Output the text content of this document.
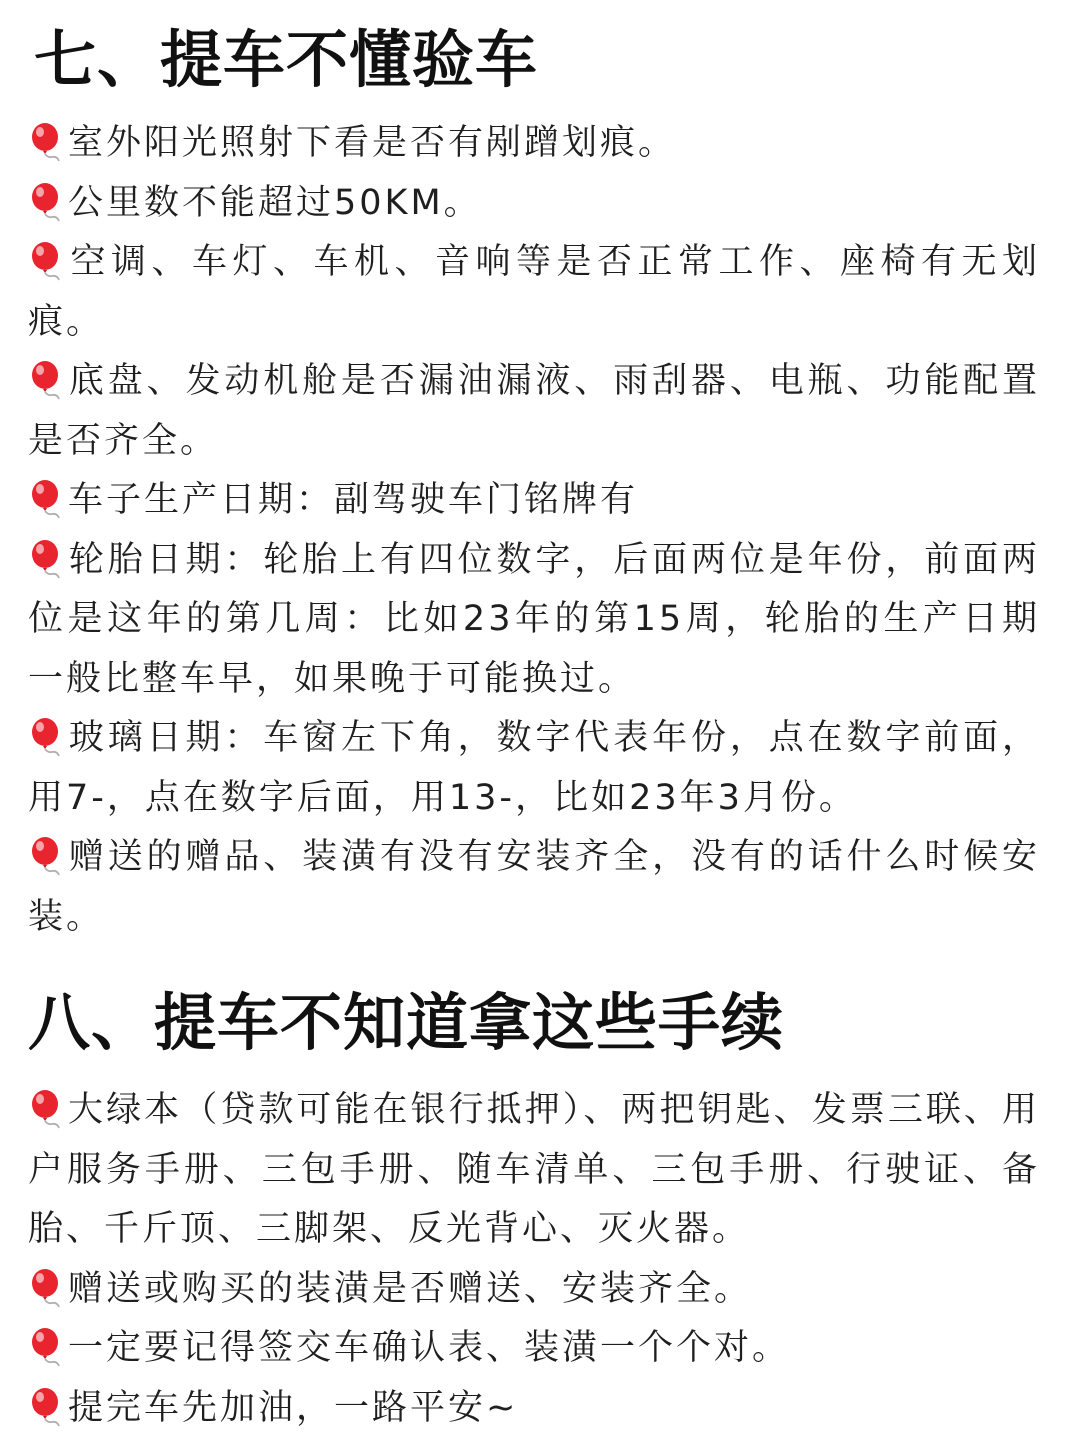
七、提车不懂验车
室外阳光照射下看是否有剐蹭划痕。
公里数不能超过50KM。
空调、车灯、车机、音响等是否正常工作、座椅有无划痕。
底盘、发动机舱是否漏油漏液、雨刮器、电瓶、功能配置是否齐全。
车子生产日期：副驾驶车门铭牌有
轮胎日期：轮胎上有四位数字，后面两位是年份，前面两位是这年的第几周：比如23年的第15周，轮胎的生产日期一般比整车早，如果晚于可能换过。
玻璃日期：车窗左下角，数字代表年份，点在数字前面，用7-，点在数字后面，用13-，比如23年3月份。
赠送的赠品、装潢有没有安装齐全，没有的话什么时候安装。
八、提车不知道拿这些手续
大绿本（贷款可能在银行抵押）、两把钥匙、发票三联、用户服务手册、三包手册、随车清单、三包手册、行驶证、备胎、千斤顶、三脚架、反光背心、灭火器。
赠送或购买的装潢是否赠送、安装齐全。
一定要记得签交车确认表、装潢一个个对。
提完车先加油，一路平安~
